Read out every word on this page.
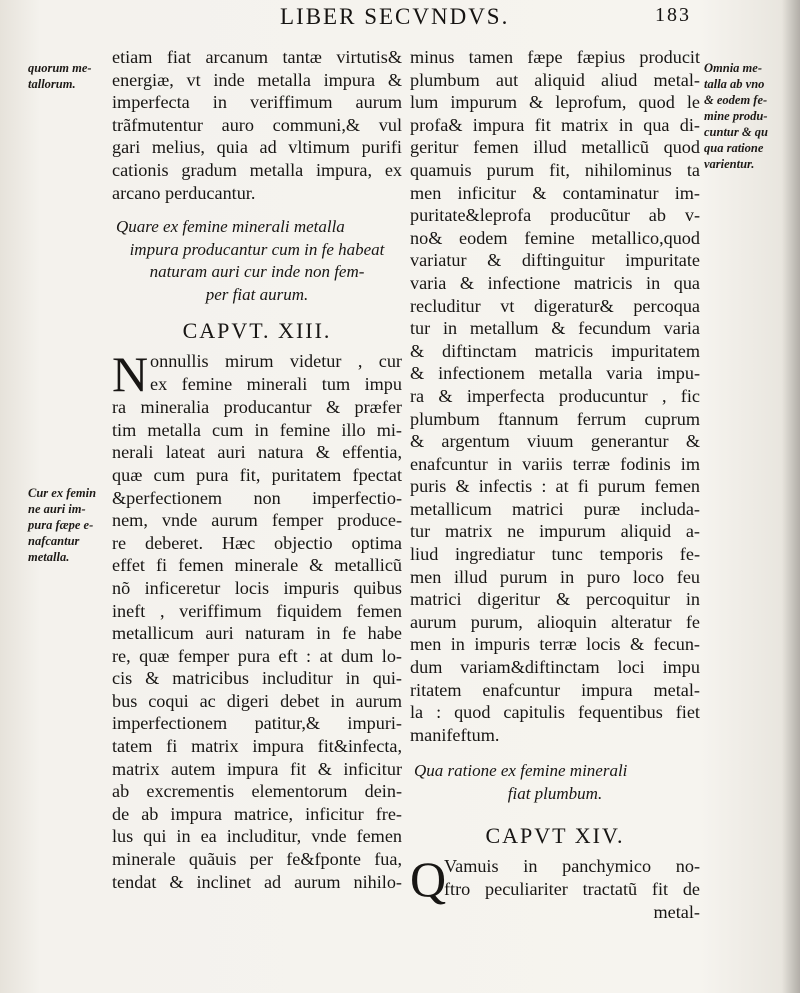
LIBER SECVNDVS.	183
quorum me-
tallorum.
Cur ex femin
ne auri im-
pura fæpe e-
nafcantur
metalla.
Omnia me-
talla ab vno
& eodem fe-
mine produ-
cuntur & qu
qua ratione
varientur.
etiam fiat arcanum tantæ virtutis&
energiæ, vt inde metalla impura &
imperfecta in veriffimum aurum
trãfmutentur auro communi,& vul
gari melius, quia ad vltimum purifi
cationis gradum metalla impura, ex
arcano perducantur.
Quare ex femine minerali metalla
impura producantur cum in fe habeat
naturam auri cur inde non fem-
per fiat aurum.
CAPVT. XIII.
N onnullis mirum videtur , cur
ex femine minerali tum impu
ra mineralia producantur & præfer
tim metalla cum in femine illo mi-
nerali lateat auri natura & effentia,
quæ cum pura fit, puritatem fpectat
&perfectionem non imperfectio-
nem, vnde aurum femper produce-
re deberet. Hæc objectio optima
effet fi femen minerale & metallicũ
nõ inficeretur locis impuris quibus
ineft , veriffimum fiquidem femen
metallicum auri naturam in fe habe
re, quæ femper pura eft : at dum lo-
cis & matricibus includitur in qui-
bus coqui ac digeri debet in aurum
imperfectionem patitur,& impuri-
tatem fi matrix impura fit&infecta,
matrix autem impura fit & inficitur
ab excrementis elementorum dein-
de ab impura matrice, inficitur fre-
lus qui in ea includitur, vnde femen
minerale quãuis per fe&fponte fua,
tendat & inclinet ad aurum nihilo-
minus tamen fæpe fæpius producit
plumbum aut aliquid aliud metal-
lum impurum & leprofum, quod le
profa& impura fit matrix in qua di-
geritur femen illud metallicũ quod
quamuis purum fit, nihilominus ta
men inficitur & contaminatur im-
puritate&leprofa producũtur ab v-
no& eodem femine metallico,quod
variatur & diftinguitur impuritate
varia & infectione matricis in qua
recluditur vt digeratur& percoqua
tur in metallum & fecundum varia
& diftinctam matricis impuritatem
& infectionem metalla varia impu-
ra & imperfecta producuntur , fic
plumbum ftannum ferrum cuprum
& argentum viuum generantur &
enafcuntur in variis terræ fodinis im
puris & infectis : at fi purum femen
metallicum matrici puræ includa-
tur matrix ne impurum aliquid a-
liud ingrediatur tunc temporis fe-
men illud purum in puro loco feu
matrici digeritur & percoquitur in
aurum purum, alioquin alteratur fe
men in impuris terræ locis & fecun-
dum variam&diftinctam loci impu
ritatem enafcuntur impura metal-
la : quod capitulis fequentibus fiet
manifeftum.
Qua ratione ex femine minerali
fiat plumbum.
CAPVT XIV.
Q
Vamuis in panchymico no-
ftro peculiariter tractatũ fit de
metal-
